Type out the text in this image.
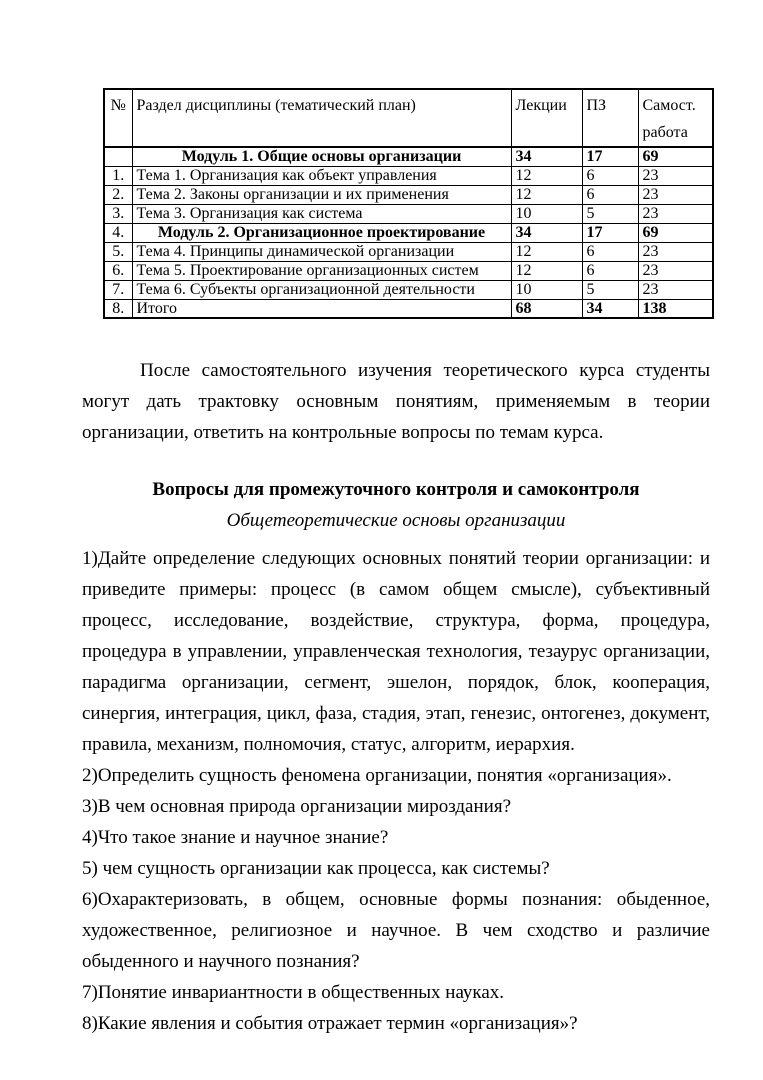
№	Раздел дисциплины (тематический план)	Лекции	ПЗ	Самост. работа
	Модуль 1. Общие основы организации	34	17	69
1.	Тема 1. Организация как объект управления	12	6	23
2.	Тема 2. Законы организации и их применения	12	6	23
3.	Тема 3. Организация как система	10	5	23
4.	Модуль 2. Организационное проектирование	34	17	69
5.	Тема 4. Принципы динамической организации	12	6	23
6.	Тема 5. Проектирование организационных систем	12	6	23
7.	Тема 6. Субъекты организационной деятельности	10	5	23
8.	Итого	68	34	138

После самостоятельного изучения теоретического курса студенты могут дать трактовку основным понятиям, применяемым в теории организации, ответить на контрольные вопросы по темам курса.

Вопросы для промежуточного контроля и самоконтроля

Общетеоретические основы организации

1)Дайте определение следующих основных понятий теории организации: и приведите примеры: процесс (в самом общем смысле), субъективный процесс, исследование, воздействие, структура, форма, процедура, процедура в управлении, управленческая технология, тезаурус организации, парадигма организации, сегмент, эшелон, порядок, блок, кооперация, синергия, интеграция, цикл, фаза, стадия, этап, генезис, онтогенез, документ, правила, механизм, полномочия, статус, алгоритм, иерархия.

2)Определить сущность феномена организации, понятия «организация».

3)В чем основная природа организации мироздания?

4)Что такое знание и научное знание?

5) чем сущность организации как процесса, как системы?

6)Охарактеризовать, в общем, основные формы познания: обыденное, художественное, религиозное и научное. В чем сходство и различие обыденного и научного познания?

7)Понятие инвариантности в общественных науках.

8)Какие явления и события отражает термин «организация»?
